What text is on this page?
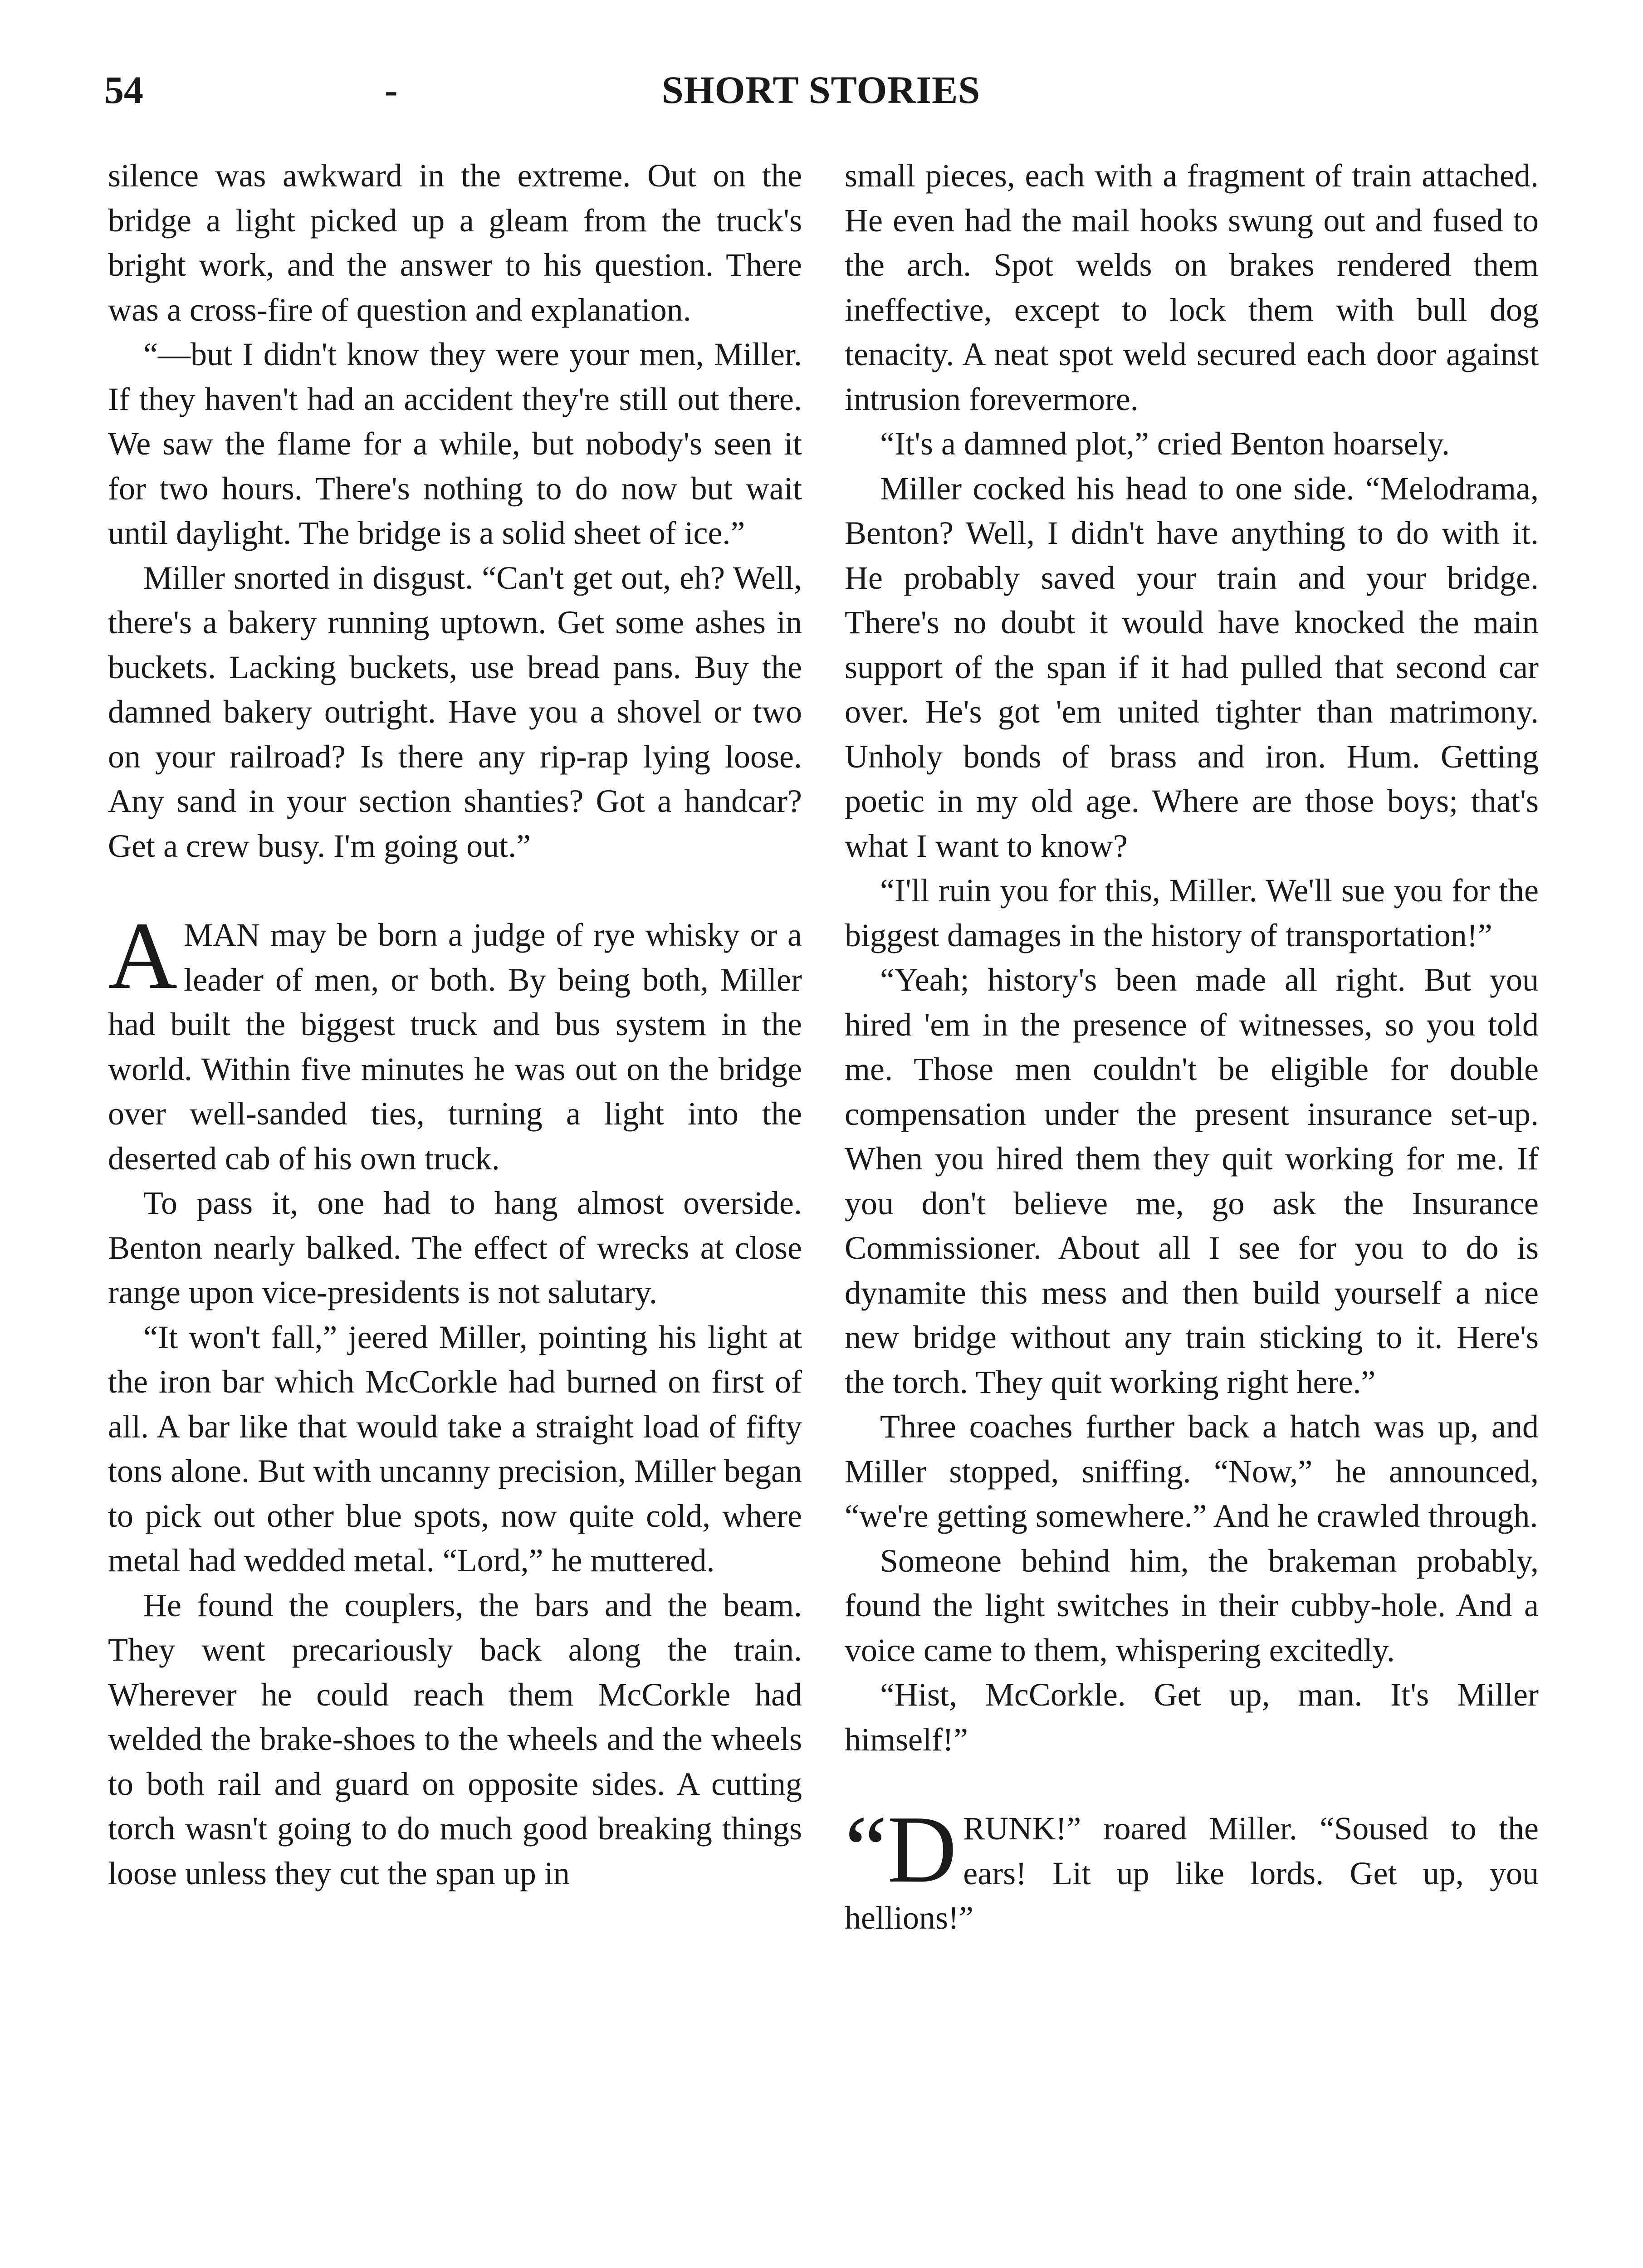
54	-	SHORT STORIES

silence was awkward in the extreme. Out on the bridge a light picked up a gleam from the truck's bright work, and the answer to his question. There was a cross-fire of question and explanation.

“—but I didn't know they were your men, Miller. If they haven't had an accident they're still out there. We saw the flame for a while, but nobody's seen it for two hours. There's nothing to do now but wait until daylight. The bridge is a solid sheet of ice.”

Miller snorted in disgust. “Can't get out, eh? Well, there's a bakery running uptown. Get some ashes in buckets. Lacking buckets, use bread pans. Buy the damned bakery outright. Have you a shovel or two on your railroad? Is there any rip-rap lying loose. Any sand in your section shanties? Got a handcar? Get a crew busy. I'm going out.”

AMAN may be born a judge of rye whisky or a leader of men, or both. By being both, Miller had built the biggest truck and bus system in the world. Within five minutes he was out on the bridge over well-sanded ties, turning a light into the deserted cab of his own truck.

To pass it, one had to hang almost overside. Benton nearly balked. The effect of wrecks at close range upon vice-presidents is not salutary.

“It won't fall,” jeered Miller, pointing his light at the iron bar which McCorkle had burned on first of all. A bar like that would take a straight load of fifty tons alone. But with uncanny precision, Miller began to pick out other blue spots, now quite cold, where metal had wedded metal. “Lord,” he muttered.

He found the couplers, the bars and the beam. They went precariously back along the train. Wherever he could reach them McCorkle had welded the brake-shoes to the wheels and the wheels to both rail and guard on opposite sides. A cutting torch wasn't going to do much good breaking things loose unless they cut the span up in

small pieces, each with a fragment of train attached. He even had the mail hooks swung out and fused to the arch. Spot welds on brakes rendered them ineffective, except to lock them with bull dog tenacity. A neat spot weld secured each door against intrusion forevermore.

“It's a damned plot,” cried Benton hoarsely.

Miller cocked his head to one side. “Melodrama, Benton? Well, I didn't have anything to do with it. He probably saved your train and your bridge. There's no doubt it would have knocked the main support of the span if it had pulled that second car over. He's got 'em united tighter than matrimony. Unholy bonds of brass and iron. Hum. Getting poetic in my old age. Where are those boys; that's what I want to know?

“I'll ruin you for this, Miller. We'll sue you for the biggest damages in the history of transportation!”

“Yeah; history's been made all right. But you hired 'em in the presence of witnesses, so you told me. Those men couldn't be eligible for double compensation under the present insurance set-up. When you hired them they quit working for me. If you don't believe me, go ask the Insurance Commissioner. About all I see for you to do is dynamite this mess and then build yourself a nice new bridge without any train sticking to it. Here's the torch. They quit working right here.”

Three coaches further back a hatch was up, and Miller stopped, sniffing. “Now,” he announced, “we're getting somewhere.” And he crawled through.

Someone behind him, the brakeman probably, found the light switches in their cubby-hole. And a voice came to them, whispering excitedly.

“Hist, McCorkle. Get up, man. It's Miller himself!”

“DRUNK!” roared Miller. “Soused to the ears! Lit up like lords. Get up, you hellions!”
